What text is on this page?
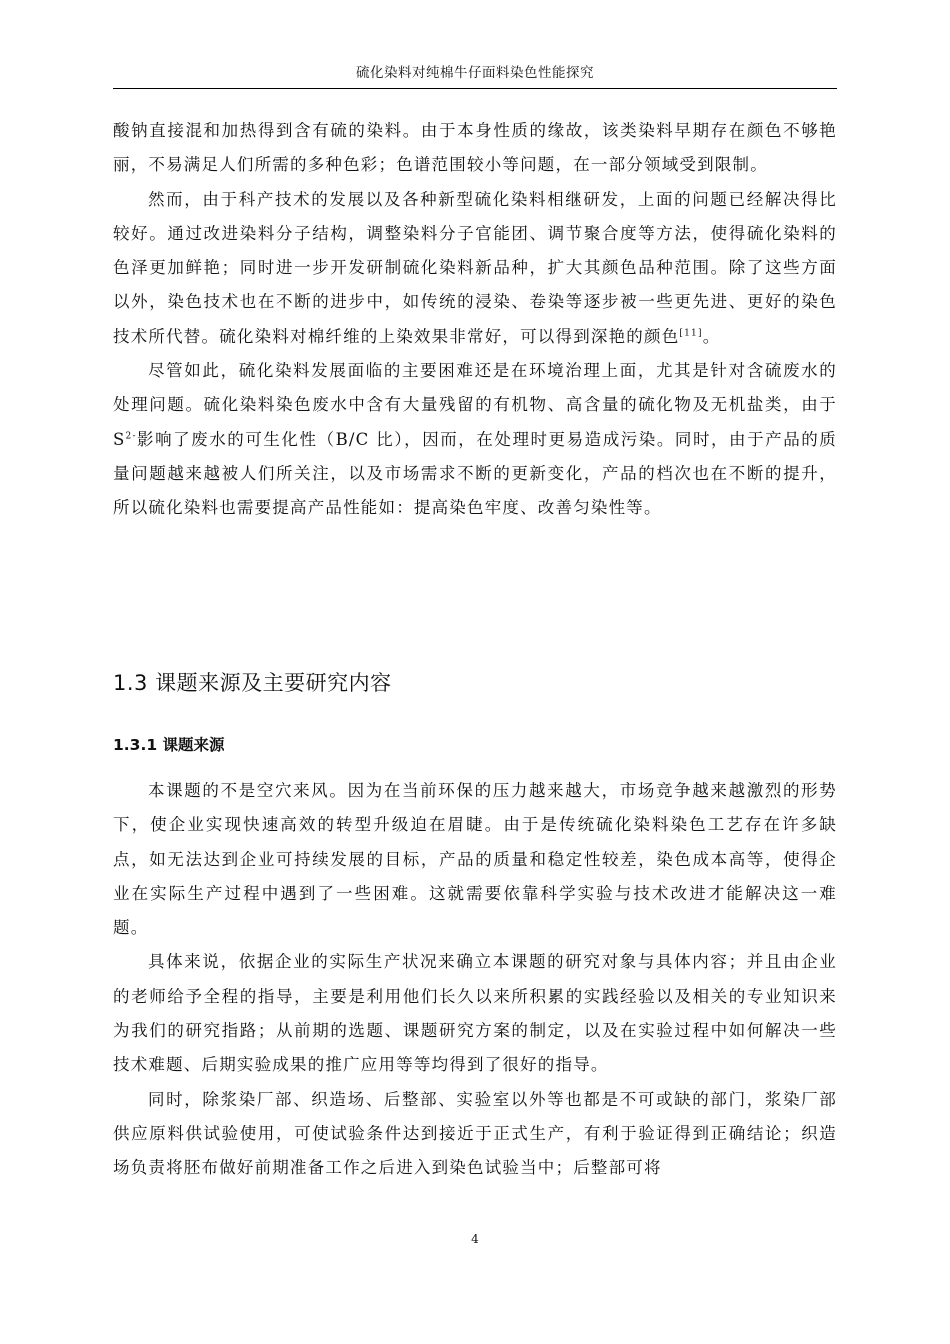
硫化染料对纯棉牛仔面料染色性能探究

酸钠直接混和加热得到含有硫的染料。由于本身性质的缘故，该类染料早期存在颜色不够艳丽，不易满足人们所需的多种色彩；色谱范围较小等问题，在一部分领域受到限制。

然而，由于科产技术的发展以及各种新型硫化染料相继研发，上面的问题已经解决得比较好。通过改进染料分子结构，调整染料分子官能团、调节聚合度等方法，使得硫化染料的色泽更加鲜艳；同时进一步开发研制硫化染料新品种，扩大其颜色品种范围。除了这些方面以外，染色技术也在不断的进步中，如传统的浸染、卷染等逐步被一些更先进、更好的染色技术所代替。硫化染料对棉纤维的上染效果非常好，可以得到深艳的颜色[11]。

尽管如此，硫化染料发展面临的主要困难还是在环境治理上面，尤其是针对含硫废水的处理问题。硫化染料染色废水中含有大量残留的有机物、高含量的硫化物及无机盐类，由于 $S^{2-}$影响了废水的可生化性（B/C 比），因而，在处理时更易造成污染。同时，由于产品的质量问题越来越被人们所关注，以及市场需求不断的更新变化，产品的档次也在不断的提升，所以硫化染料也需要提高产品性能如：提高染色牢度、改善匀染性等。

1.3 课题来源及主要研究内容
1.3.1 课题来源

本课题的不是空穴来风。因为在当前环保的压力越来越大，市场竞争越来越激烈的形势下，使企业实现快速高效的转型升级迫在眉睫。由于是传统硫化染料染色工艺存在许多缺点，如无法达到企业可持续发展的目标，产品的质量和稳定性较差，染色成本高等，使得企业在实际生产过程中遇到了一些困难。这就需要依靠科学实验与技术改进才能解决这一难题。

具体来说，依据企业的实际生产状况来确立本课题的研究对象与具体内容；并且由企业的老师给予全程的指导，主要是利用他们长久以来所积累的实践经验以及相关的专业知识来为我们的研究指路；从前期的选题、课题研究方案的制定，以及在实验过程中如何解决一些技术难题、后期实验成果的推广应用等等均得到了很好的指导。

同时，除浆染厂部、织造场、后整部、实验室以外等也都是不可或缺的部门，浆染厂部供应原料供试验使用，可使试验条件达到接近于正式生产，有利于验证得到正确结论；织造场负责将胚布做好前期准备工作之后进入到染色试验当中；后整部可将

4
